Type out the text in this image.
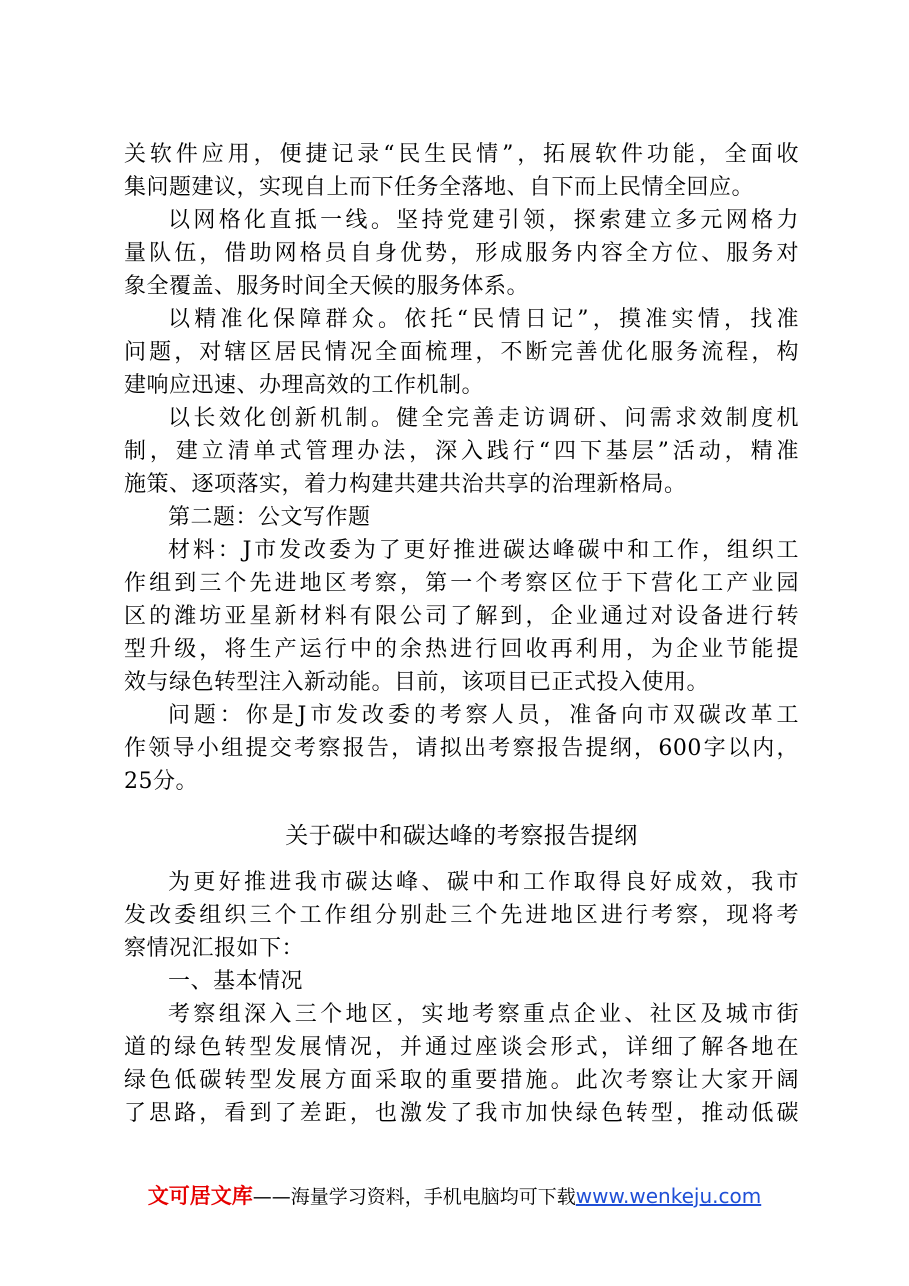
关软件应用，便捷记录“民生民情”，拓展软件功能，全面收
集问题建议，实现自上而下任务全落地、自下而上民情全回应。
以网格化直抵一线。坚持党建引领，探索建立多元网格力
量队伍，借助网格员自身优势，形成服务内容全方位、服务对
象全覆盖、服务时间全天候的服务体系。
以精准化保障群众。依托“民情日记”，摸准实情，找准
问题，对辖区居民情况全面梳理，不断完善优化服务流程，构
建响应迅速、办理高效的工作机制。
以长效化创新机制。健全完善走访调研、问需求效制度机
制，建立清单式管理办法，深入践行“四下基层”活动，精准
施策、逐项落实，着力构建共建共治共享的治理新格局。
第二题：公文写作题
材料：J市发改委为了更好推进碳达峰碳中和工作，组织工
作组到三个先进地区考察，第一个考察区位于下营化工产业园
区的潍坊亚星新材料有限公司了解到，企业通过对设备进行转
型升级，将生产运行中的余热进行回收再利用，为企业节能提
效与绿色转型注入新动能。目前，该项目已正式投入使用。
问题：你是J市发改委的考察人员，准备向市双碳改革工
作领导小组提交考察报告，请拟出考察报告提纲，600字以内，
25分。
关于碳中和碳达峰的考察报告提纲
为更好推进我市碳达峰、碳中和工作取得良好成效，我市
发改委组织三个工作组分别赴三个先进地区进行考察，现将考
察情况汇报如下：
一、基本情况
考察组深入三个地区，实地考察重点企业、社区及城市街
道的绿色转型发展情况，并通过座谈会形式，详细了解各地在
绿色低碳转型发展方面采取的重要措施。此次考察让大家开阔
了思路，看到了差距，也激发了我市加快绿色转型，推动低碳
文可居文库——海量学习资料，手机电脑均可下载www.wenkeju.com
